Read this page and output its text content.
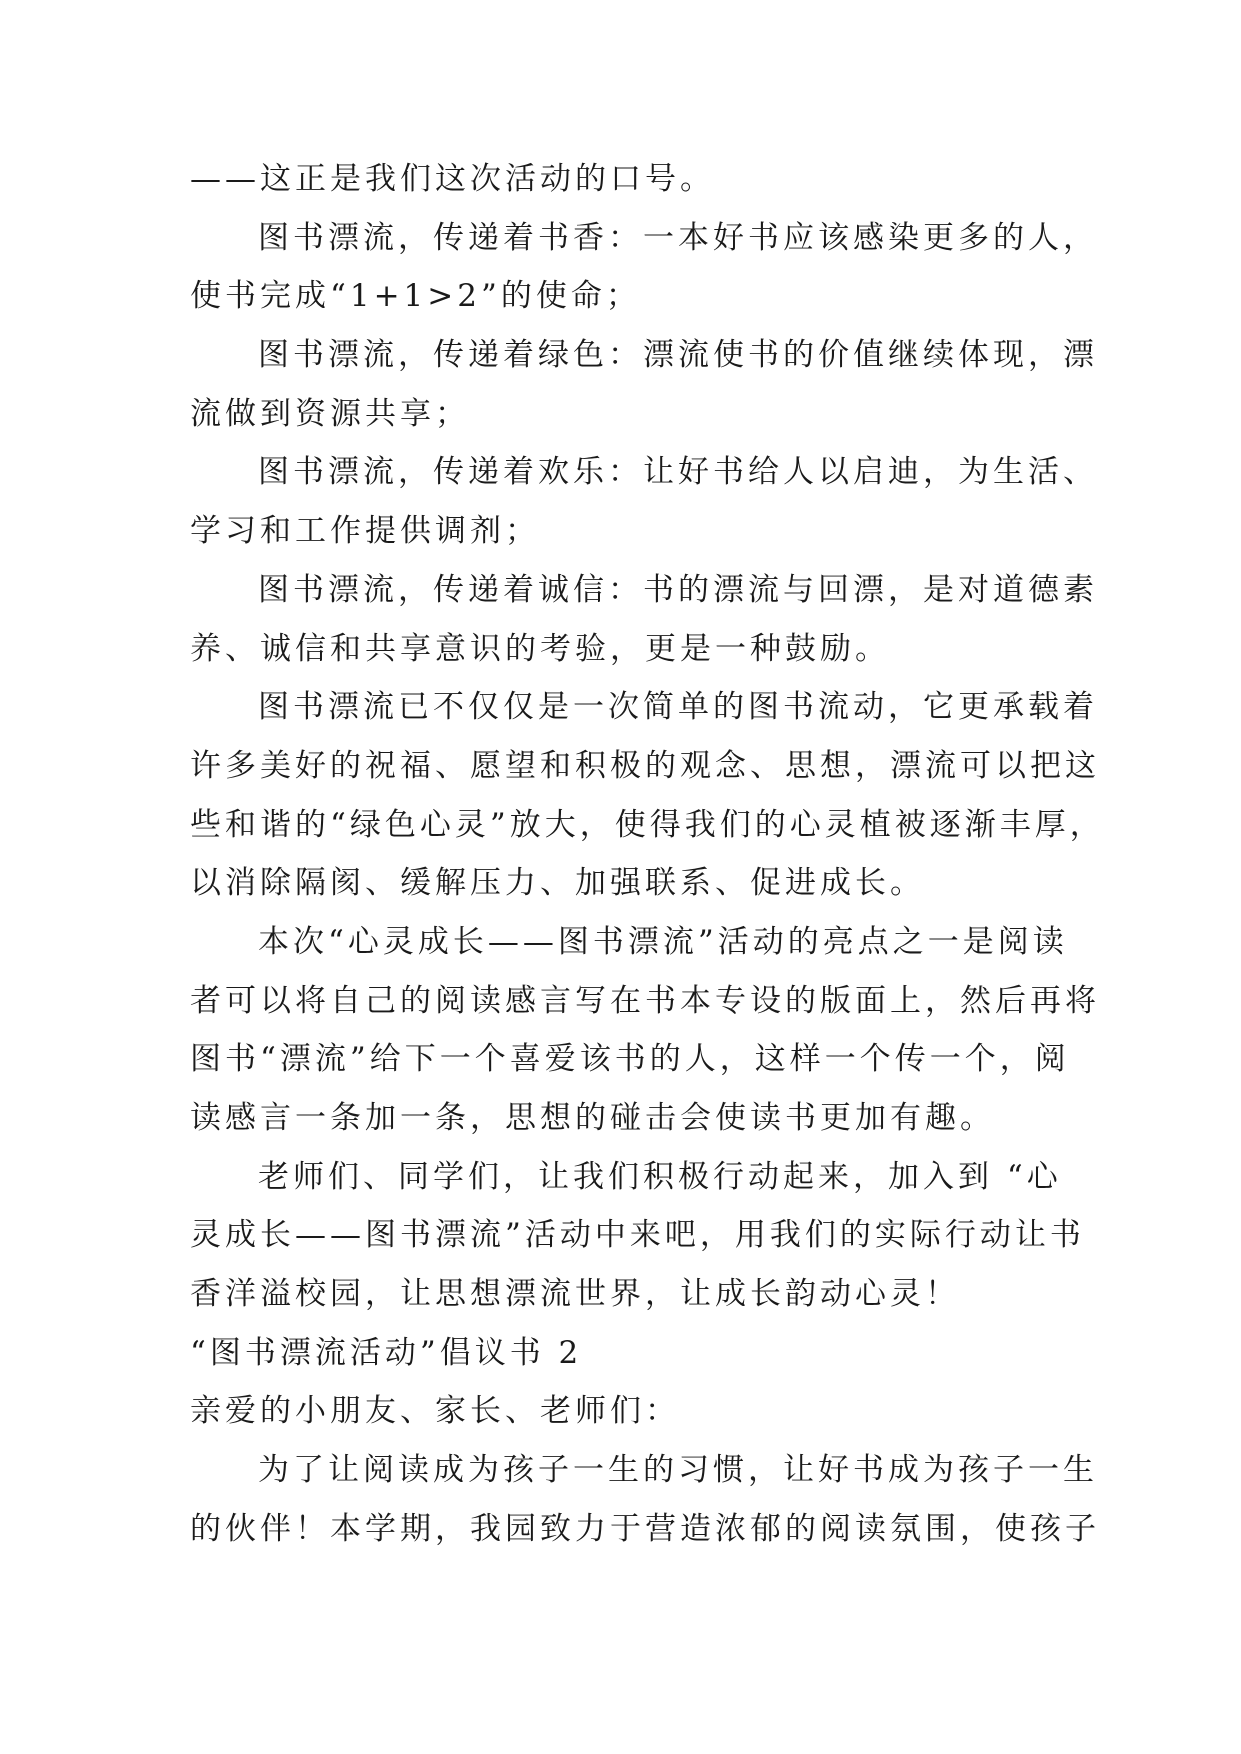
——这正是我们这次活动的口号。
图书漂流，传递着书香：一本好书应该感染更多的人，
使书完成“1+1>2”的使命；
图书漂流，传递着绿色：漂流使书的价值继续体现，漂
流做到资源共享；
图书漂流，传递着欢乐：让好书给人以启迪，为生活、
学习和工作提供调剂；
图书漂流，传递着诚信：书的漂流与回漂，是对道德素
养、诚信和共享意识的考验，更是一种鼓励。
图书漂流已不仅仅是一次简单的图书流动，它更承载着
许多美好的祝福、愿望和积极的观念、思想，漂流可以把这
些和谐的“绿色心灵”放大，使得我们的心灵植被逐渐丰厚，
以消除隔阂、缓解压力、加强联系、促进成长。
本次“心灵成长——图书漂流”活动的亮点之一是阅读
者可以将自己的阅读感言写在书本专设的版面上，然后再将
图书“漂流”给下一个喜爱该书的人，这样一个传一个，阅
读感言一条加一条，思想的碰击会使读书更加有趣。
老师们、同学们，让我们积极行动起来，加入到 “心
灵成长——图书漂流”活动中来吧，用我们的实际行动让书
香洋溢校园，让思想漂流世界，让成长韵动心灵！
“图书漂流活动”倡议书 2
亲爱的小朋友、家长、老师们：
为了让阅读成为孩子一生的习惯，让好书成为孩子一生
的伙伴！本学期，我园致力于营造浓郁的阅读氛围，使孩子
